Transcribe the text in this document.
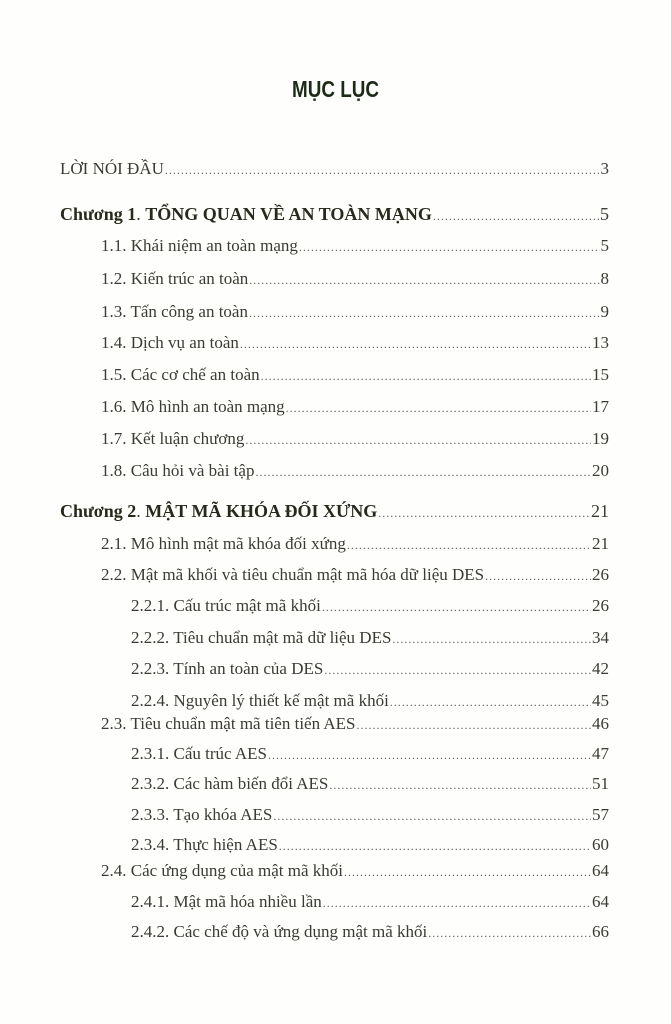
MỤC LỤC
LỜI NÓI ĐẦU .....	3
Chương 1. TỔNG QUAN VỀ AN TOÀN MẠNG .....	5
1.1. Khái niệm an toàn mạng .....	5
1.2. Kiến trúc an toàn .....	8
1.3. Tấn công an toàn .....	9
1.4. Dịch vụ an toàn .....	13
1.5. Các cơ chế an toàn .....	15
1.6. Mô hình an toàn mạng .....	17
1.7. Kết luận chương .....	19
1.8. Câu hỏi và bài tập .....	20
Chương 2. MẬT MÃ KHÓA ĐỐI XỨNG .....	21
2.1. Mô hình mật mã khóa đối xứng .....	21
2.2. Mật mã khối và tiêu chuẩn mật mã hóa dữ liệu DES .....	26
2.2.1. Cấu trúc mật mã khối .....	26
2.2.2. Tiêu chuẩn mật mã dữ liệu DES .....	34
2.2.3. Tính an toàn của DES .....	42
2.2.4. Nguyên lý thiết kế mật mã khối .....	45
2.3. Tiêu chuẩn mật mã tiên tiến AES .....	46
2.3.1. Cấu trúc AES .....	47
2.3.2. Các hàm biến đổi AES .....	51
2.3.3. Tạo khóa AES .....	57
2.3.4. Thực hiện AES .....	60
2.4. Các ứng dụng của mật mã khối .....	64
2.4.1. Mật mã hóa nhiều lần .....	64
2.4.2. Các chế độ và ứng dụng mật mã khối .....	66
